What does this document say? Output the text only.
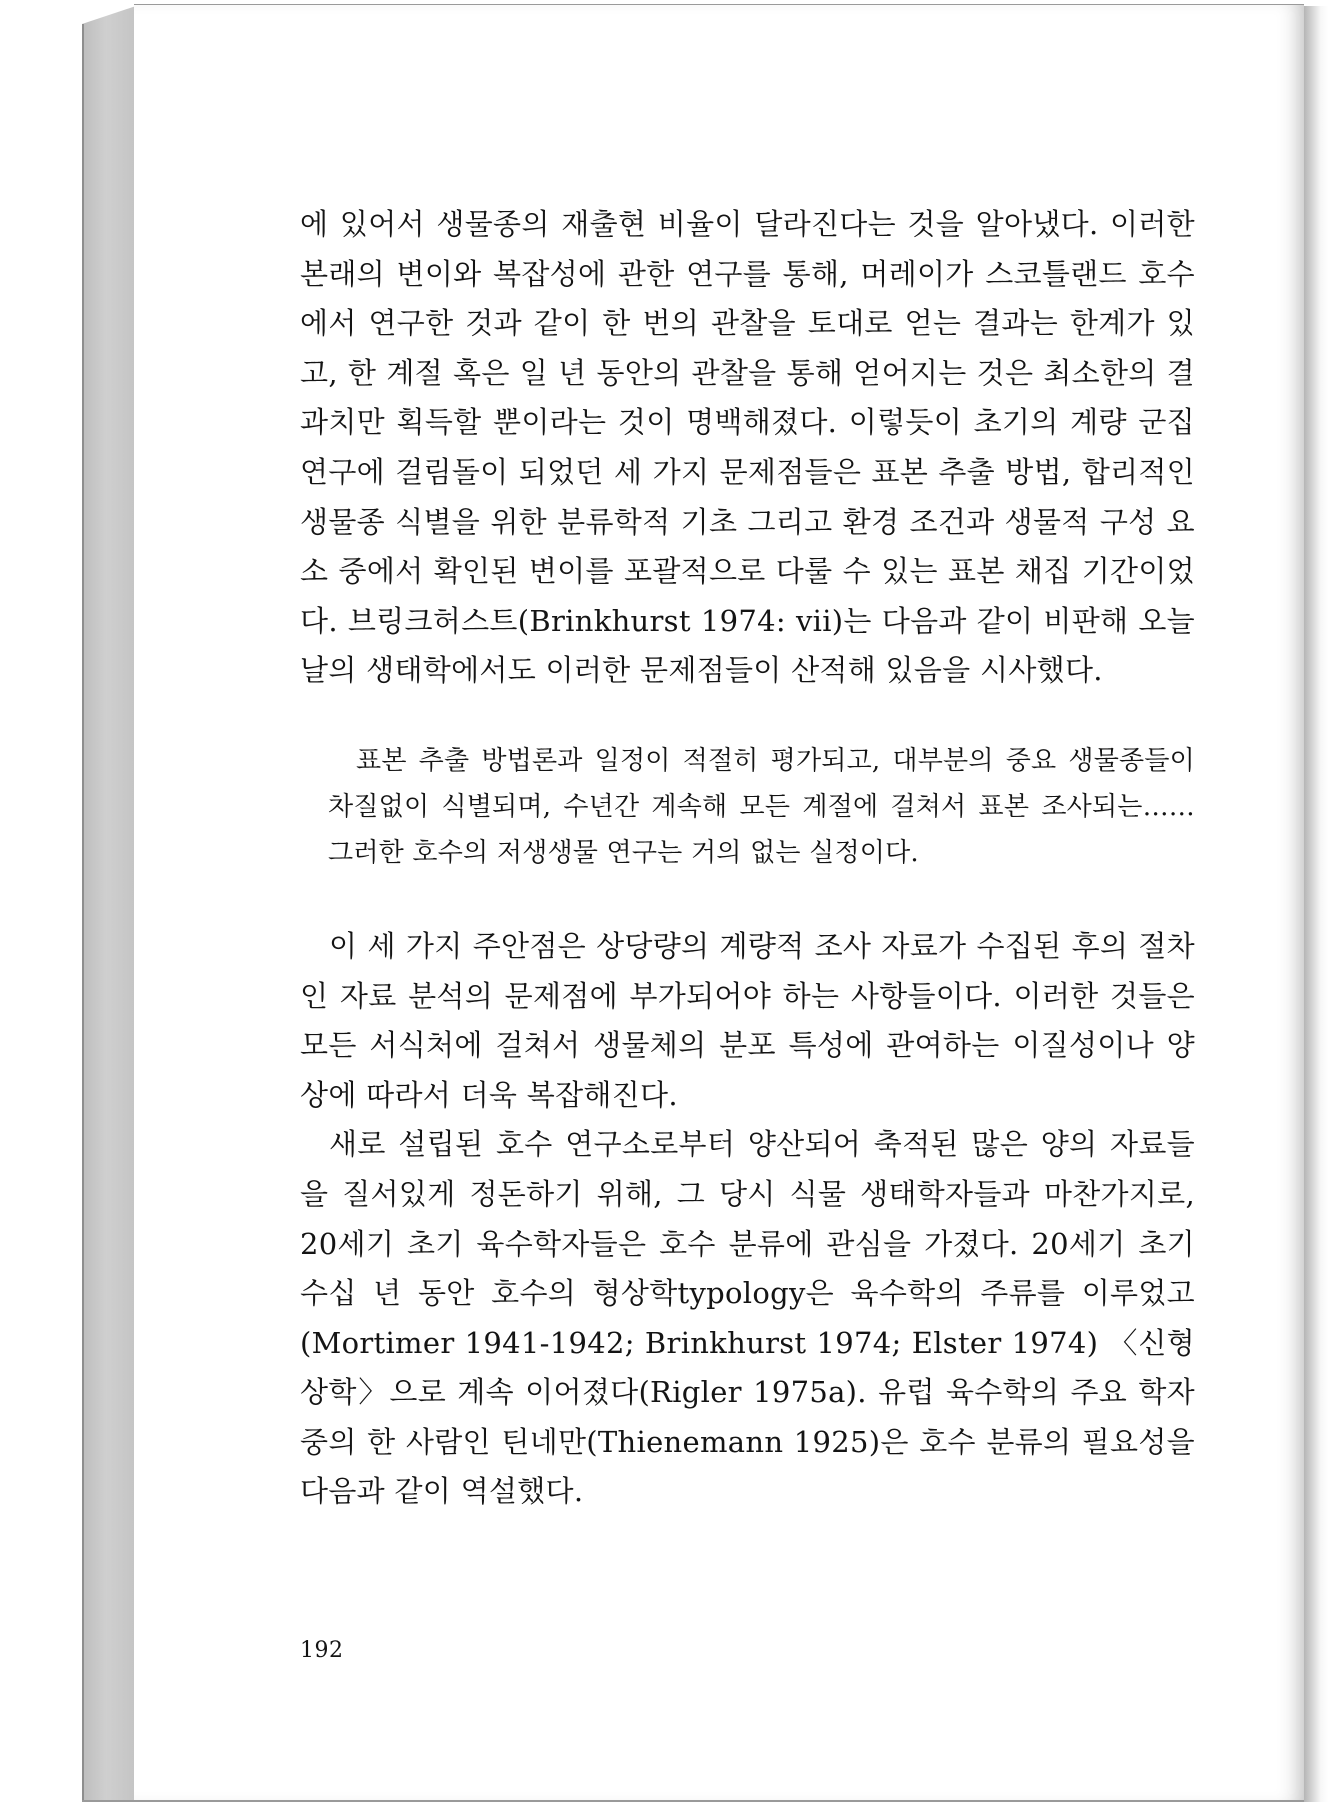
에 있어서 생물종의 재출현 비율이 달라진다는 것을 알아냈다. 이러한 본래의 변이와 복잡성에 관한 연구를 통해, 머레이가 스코틀랜드 호수에서 연구한 것과 같이 한 번의 관찰을 토대로 얻는 결과는 한계가 있고, 한 계절 혹은 일 년 동안의 관찰을 통해 얻어지는 것은 최소한의 결과치만 획득할 뿐이라는 것이 명백해졌다. 이렇듯이 초기의 계량 군집 연구에 걸림돌이 되었던 세 가지 문제점들은 표본 추출 방법, 합리적인 생물종 식별을 위한 분류학적 기초 그리고 환경 조건과 생물적 구성 요소 중에서 확인된 변이를 포괄적으로 다룰 수 있는 표본 채집 기간이었다. 브링크허스트(Brinkhurst 1974: vii)는 다음과 같이 비판해 오늘날의 생태학에서도 이러한 문제점들이 산적해 있음을 시사했다.

표본 추출 방법론과 일정이 적절히 평가되고, 대부분의 중요 생물종들이 차질없이 식별되며, 수년간 계속해 모든 계절에 걸쳐서 표본 조사되는…… 그러한 호수의 저생생물 연구는 거의 없는 실정이다.

이 세 가지 주안점은 상당량의 계량적 조사 자료가 수집된 후의 절차인 자료 분석의 문제점에 부가되어야 하는 사항들이다. 이러한 것들은 모든 서식처에 걸쳐서 생물체의 분포 특성에 관여하는 이질성이나 양상에 따라서 더욱 복잡해진다.

새로 설립된 호수 연구소로부터 양산되어 축적된 많은 양의 자료들을 질서있게 정돈하기 위해, 그 당시 식물 생태학자들과 마찬가지로, 20세기 초기 육수학자들은 호수 분류에 관심을 가졌다. 20세기 초기 수십 년 동안 호수의 형상학typology은 육수학의 주류를 이루었고 (Mortimer 1941-1942; Brinkhurst 1974; Elster 1974) 〈신형상학〉으로 계속 이어졌다(Rigler 1975a). 유럽 육수학의 주요 학자 중의 한 사람인 틴네만(Thienemann 1925)은 호수 분류의 필요성을 다음과 같이 역설했다.

192
